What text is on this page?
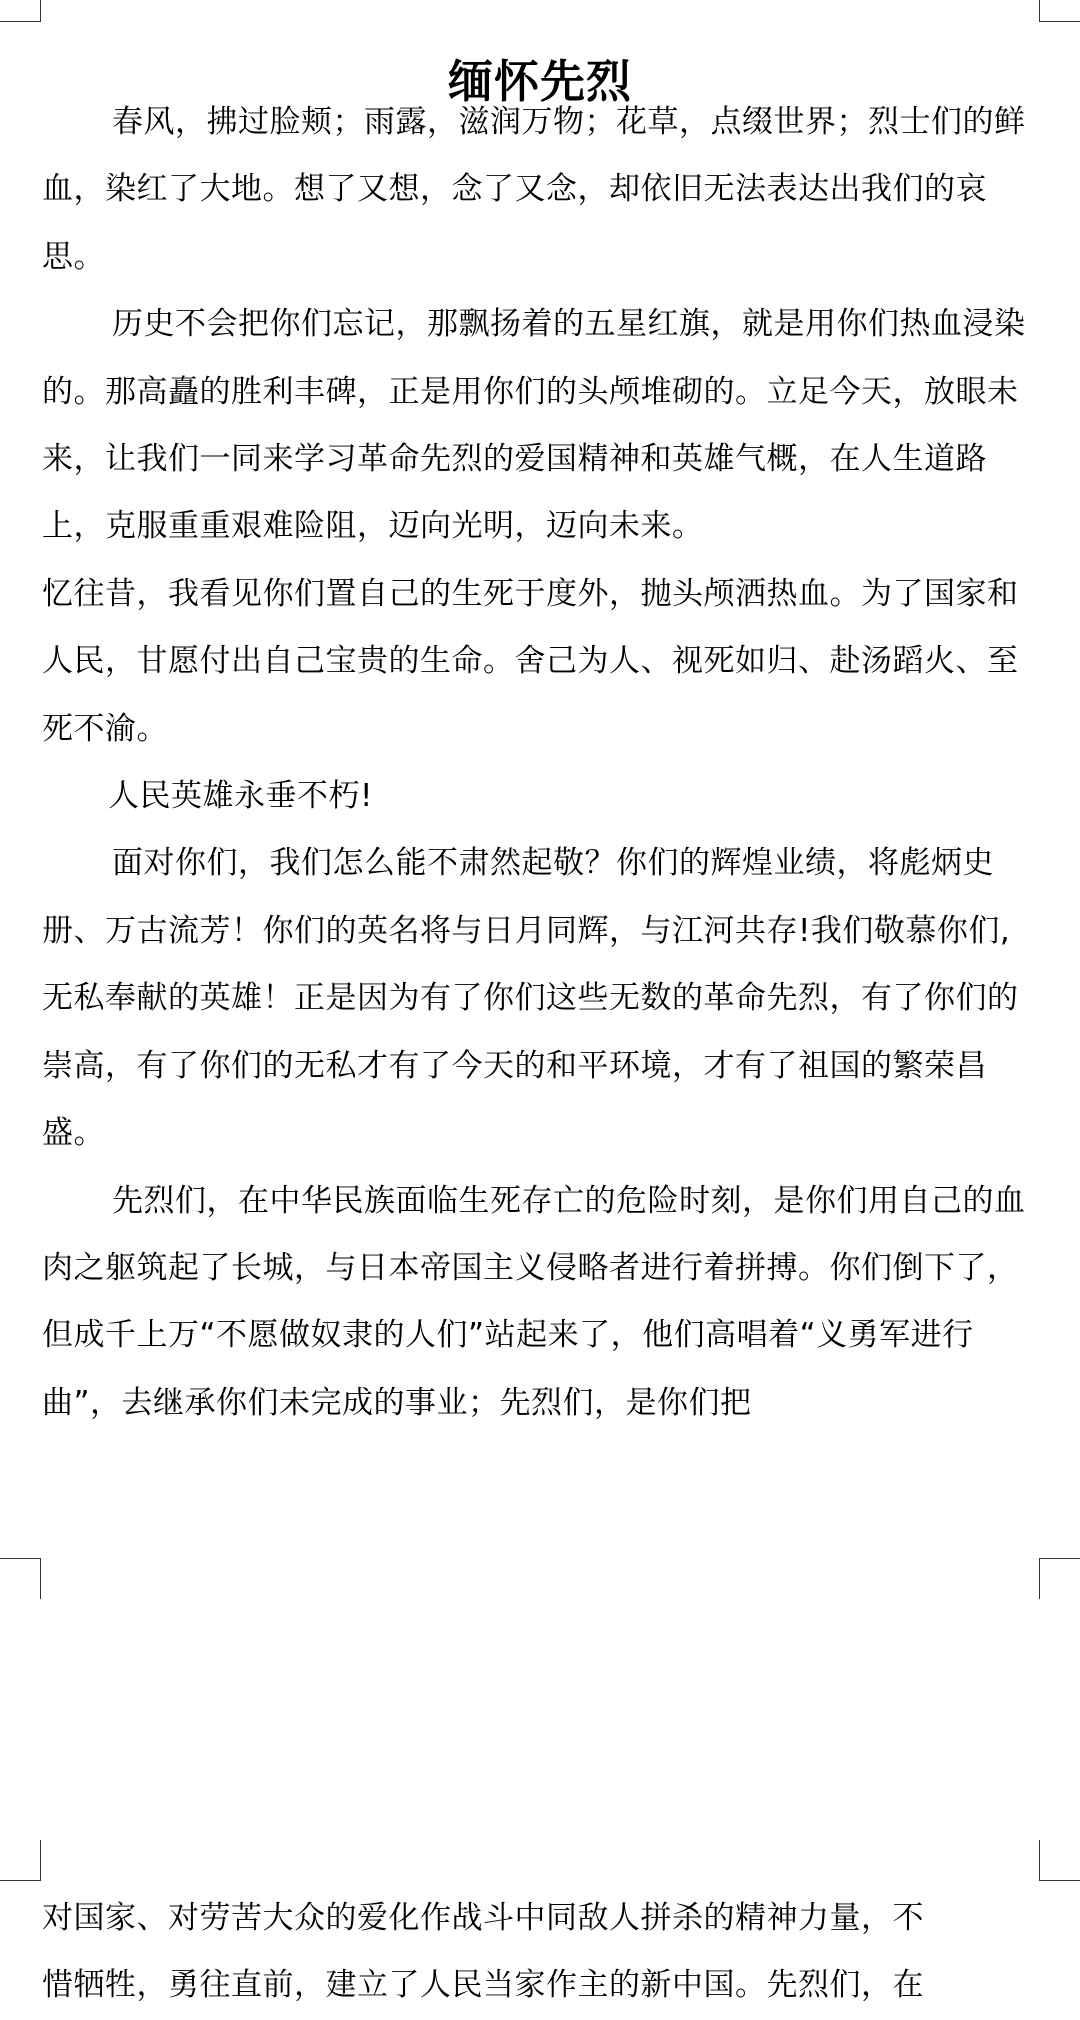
缅怀先烈

春风，拂过脸颊；雨露，滋润万物；花草，点缀世界；烈士们的鲜血，染红了大地。想了又想，念了又念，却依旧无法表达出我们的哀思。

历史不会把你们忘记，那飘扬着的五星红旗，就是用你们热血浸染的。那高矗的胜利丰碑，正是用你们的头颅堆砌的。立足今天，放眼未来，让我们一同来学习革命先烈的爱国精神和英雄气概，在人生道路上，克服重重艰难险阻，迈向光明，迈向未来。

忆往昔，我看见你们置自己的生死于度外，抛头颅洒热血。为了国家和人民，甘愿付出自己宝贵的生命。舍己为人、视死如归、赴汤蹈火、至死不渝。

人民英雄永垂不朽!

面对你们，我们怎么能不肃然起敬？你们的辉煌业绩，将彪炳史册、万古流芳！你们的英名将与日月同辉，与江河共存!我们敬慕你们,无私奉献的英雄！正是因为有了你们这些无数的革命先烈，有了你们的崇高，有了你们的无私才有了今天的和平环境，才有了祖国的繁荣昌盛。

先烈们，在中华民族面临生死存亡的危险时刻，是你们用自己的血肉之躯筑起了长城，与日本帝国主义侵略者进行着拼搏。你们倒下了，但成千上万“不愿做奴隶的人们”站起来了，他们高唱着“义勇军进行曲”，去继承你们未完成的事业；先烈们，是你们把

对国家、对劳苦大众的爱化作战斗中同敌人拼杀的精神力量，不

惜牺牲，勇往直前，建立了人民当家作主的新中国。先烈们，在
